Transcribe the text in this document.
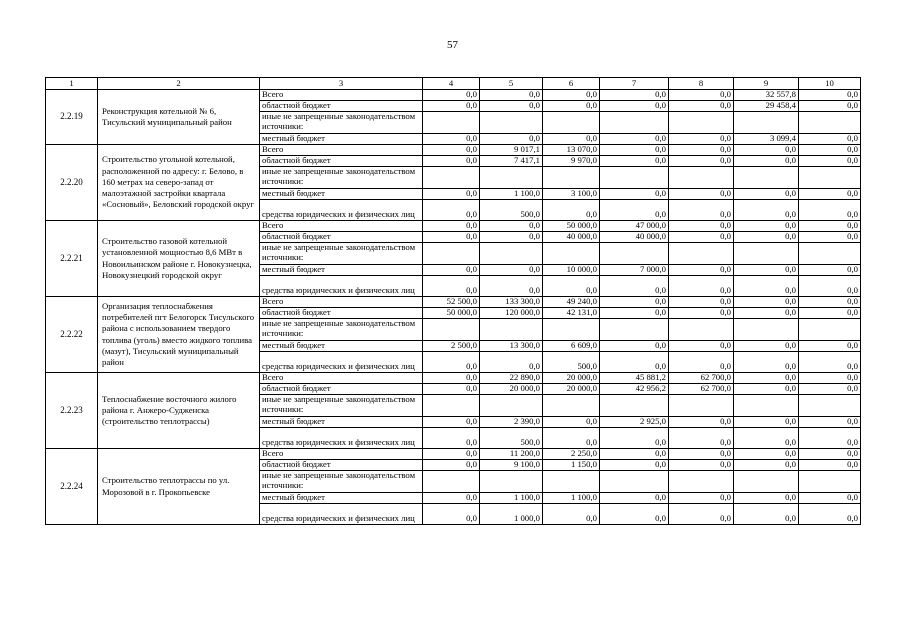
57
1	2	3	4	5	6	7	8	9	10
2.2.19	Реконструкция котельной № 6, Тисульский муниципальный район	Всего	0,0	0,0	0,0	0,0	0,0	32 557,8	0,0
		областной бюджет	0,0	0,0	0,0	0,0	0,0	29 458,4	0,0
		иные не запрещенные законодательством источники:							
		местный бюджет	0,0	0,0	0,0	0,0	0,0	3 099,4	0,0
2.2.20	Строительство угольной котельной, расположенной по адресу: г. Белово, в 160 метрах на северо-запад от малоэтажной застройки квартала «Сосновый», Беловский городской округ	Всего	0,0	9 017,1	13 070,0	0,0	0,0	0,0	0,0
		областной бюджет	0,0	7 417,1	9 970,0	0,0	0,0	0,0	0,0
		иные не запрещенные законодательством источники:							
		местный бюджет	0,0	1 100,0	3 100,0	0,0	0,0	0,0	0,0
		средства юридических и физических лиц	0,0	500,0	0,0	0,0	0,0	0,0	0,0
2.2.21	Строительство газовой котельной установленной мощностью 8,6 МВт в Новоильинском районе г. Новокузнецка, Новокузнецкий городской округ	Всего	0,0	0,0	50 000,0	47 000,0	0,0	0,0	0,0
		областной бюджет	0,0	0,0	40 000,0	40 000,0	0,0	0,0	0,0
		иные не запрещенные законодательством источники:							
		местный бюджет	0,0	0,0	10 000,0	7 000,0	0,0	0,0	0,0
		средства юридических и физических лиц	0,0	0,0	0,0	0,0	0,0	0,0	0,0
2.2.22	Организация теплоснабжения потребителей пгт Белогорск Тисульского района с использованием твердого топлива (уголь) вместо жидкого топлива (мазут), Тисульский муниципальный район	Всего	52 500,0	133 300,0	49 240,0	0,0	0,0	0,0	0,0
		областной бюджет	50 000,0	120 000,0	42 131,0	0,0	0,0	0,0	0,0
		иные не запрещенные законодательством источники:							
		местный бюджет	2 500,0	13 300,0	6 609,0	0,0	0,0	0,0	0,0
		средства юридических и физических лиц	0,0	0,0	500,0	0,0	0,0	0,0	0,0
2.2.23	Теплоснабжение восточного жилого района г. Анжеро-Судженска (строительство теплотрассы)	Всего	0,0	22 890,0	20 000,0	45 881,2	62 700,0	0,0	0,0
		областной бюджет	0,0	20 000,0	20 000,0	42 956,2	62 700,0	0,0	0,0
		иные не запрещенные законодательством источники:							
		местный бюджет	0,0	2 390,0	0,0	2 925,0	0,0	0,0	0,0
		средства юридических и физических лиц	0,0	500,0	0,0	0,0	0,0	0,0	0,0
2.2.24	Строительство теплотрассы по ул. Морозовой в г. Прокопьевске	Всего	0,0	11 200,0	2 250,0	0,0	0,0	0,0	0,0
		областной бюджет	0,0	9 100,0	1 150,0	0,0	0,0	0,0	0,0
		иные не запрещенные законодательством источники:							
		местный бюджет	0,0	1 100,0	1 100,0	0,0	0,0	0,0	0,0
		средства юридических и физических лиц	0,0	1 000,0	0,0	0,0	0,0	0,0	0,0
